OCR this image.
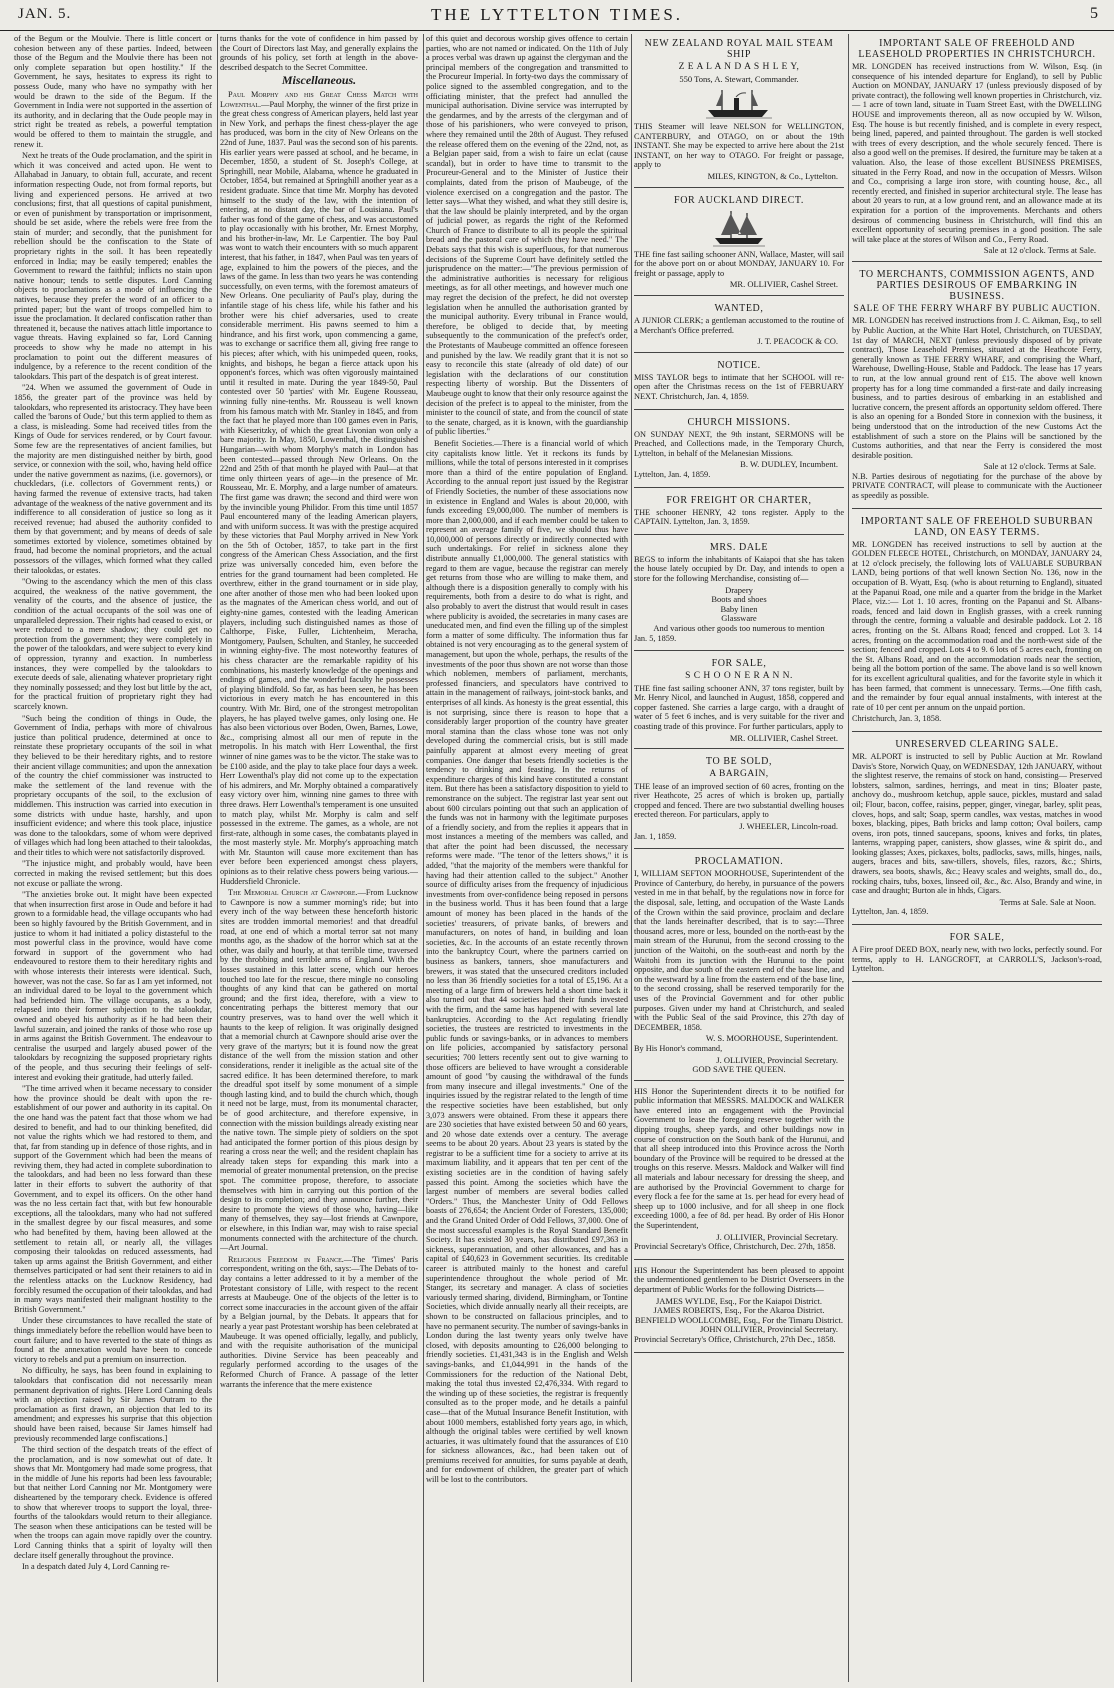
JAN. 5.	THE LYTTELTON TIMES.	5

of the Begum or the Moulvie. There is little concert or cohesion between any of these parties. Indeed, between those of the Begum and the Moulvie there has been not only complete separation but open hostility." If the Government, he says, hesitates to express its right to possess Oude, many who have no sympathy with her would be drawn to the side of the Begum. If the Government in India were not supported in the assertion of its authority, and in declaring that the Oude people may in strict right be treated as rebels, a powerful temptation would be offered to them to maintain the struggle, and renew it.

Next he treats of the Oude proclamation, and the spirit in which it was conceived and acted upon. He went to Allahabad in January, to obtain full, accurate, and recent information respecting Oude, not from formal reports, but living and experienced persons. He arrived at two conclusions; first, that all questions of capital punishment, or even of punishment by transportation or imprisonment, should be set aside, where the rebels were free from the stain of murder; and secondly, that the punishment for rebellion should be the confiscation to the State of proprietary rights in the soil. It has been repeatedly enforced in India; may be easily tempered; enables the Government to reward the faithful; inflicts no stain upon native honour; tends to settle disputes. Lord Canning objects to proclamations as a mode of influencing the natives, because they prefer the word of an officer to a printed paper; but the want of troops compelled him to issue the proclamation. It declared confiscation rather than threatened it, because the natives attach little importance to vague threats. Having explained so far, Lord Canning proceeds to show why he made no attempt in his proclamation to point out the different measures of indulgence, by a reference to the recent condition of the talookdars. This part of the despatch is of great interest.

"24. When we assumed the government of Oude in 1856, the greater part of the province was held by talookdars, who represented its aristocracy. They have been called the 'barons of Oude,' but this term applied to them as a class, is misleading. Some had received titles from the Kings of Oude for services rendered, or by Court favour. Some few are the representatives of ancient families, but the majority are men distinguished neither by birth, good service, or connexion with the soil, who, having held office under the native government as nazims, (i.e. governors), or chuckledars, (i.e. collectors of Government rents,) or having farmed the revenue of extensive tracts, had taken advantage of the weakness of the native government and its indifference to all consideration of justice so long as it received revenue; had abused the authority confided to them by that government; and by means of deeds of sale sometimes extorted by violence, sometimes obtained by fraud, had become the nominal proprietors, and the actual possessors of the villages, which formed what they called their talookdas, or estates.

"Owing to the ascendancy which the men of this class acquired, the weakness of the native government, the venality of the courts, and the absence of justice, the condition of the actual occupants of the soil was one of unparalleled depression. Their rights had ceased to exist, or were reduced to a mere shadow; they could get no protection from the government; they were completely in the power of the talookdars, and were subject to every kind of oppression, tyranny and exaction. In numberless instances, they were compelled by the talookdars to execute deeds of sale, alienating whatever proprietary right they nominally possessed; and they lost but little by the act, for the practical fruition of proprietary right they had scarcely known.

"Such being the condition of things in Oude, the Government of India, perhaps with more of chivalrous justice than political prudence, determined at once to reinstate these proprietary occupants of the soil in what they believed to be their hereditary rights, and to restore their ancient village communities; and upon the annexation of the country the chief commissioner was instructed to make the settlement of the land revenue with the proprietary occupants of the soil, to the exclusion of middlemen. This instruction was carried into execution in some districts with undue haste, harshly, and upon insufficient evidence; and where this took place, injustice was done to the talookdars, some of whom were deprived of villages which had long been attached to their talookdas, and their titles to which were not satisfactorily disproved.

"The injustice might, and probably would, have been corrected in making the revised settlement; but this does not excuse or palliate the wrong.

"The anxieties broke out. It might have been expected that when insurrection first arose in Oude and before it had grown to a formidable head, the village occupants who had been so highly favoured by the British Government, and in justice to whom it had initiated a policy distasteful to the most powerful class in the province, would have come forward in support of the government who had endeavoured to restore them to their hereditary rights and with whose interests their interests were identical. Such, however, was not the case. So far as I am yet informed, not an individual dared to be loyal to the government which had befriended him. The village occupants, as a body, relapsed into their former subjection to the talookdar, owned and obeyed his authority as if he had been their lawful suzerain, and joined the ranks of those who rose up in arms against the British Government. The endeavour to centralise the usurped and largely abused power of the talookdars by recognizing the supposed proprietary rights of the people, and thus securing their feelings of self-interest and evoking their gratitude, had utterly failed.

"The time arrived when it became necessary to consider how the province should be dealt with upon the re-establishment of our power and authority in its capital. On the one hand was the patent fact that those whom we had desired to benefit, and had to our thinking benefited, did not value the rights which we had restored to them, and that, far from standing up in defence of those rights, and in support of the Government which had been the means of reviving them, they had acted in complete subordination to the talookdars, and had been no less forward than these latter in their efforts to subvert the authority of that Government, and to expel its officers. On the other hand was the no less certain fact that, with but few honourable exceptions, all the talookdars, many who had not suffered in the smallest degree by our fiscal measures, and some who had benefited by them, having been allowed at the settlement to retain all, or nearly all, the villages composing their talookdas on reduced assessments, had taken up arms against the British Government, and either themselves participated or had sent their retainers to aid in the relentless attacks on the Lucknow Residency, had forcibly resumed the occupation of their talookdas, and had in many ways manifested their malignant hostility to the British Government."

Under these circumstances to have recalled the state of things immediately before the rebellion would have been to court failure; and to have reverted to the state of things as found at the annexation would have been to concede victory to rebels and put a premium on insurrection.

No difficulty, he says, has been found in explaining to talookdars that confiscation did not necessarily mean permanent deprivation of rights. [Here Lord Canning deals with an objection raised by Sir James Outram to the proclamation as first drawn, an objection that led to its amendment; and expresses his surprise that this objection should have been raised, because Sir James himself had previously recommended large confiscations.]

The third section of the despatch treats of the effect of the proclamation, and is now somewhat out of date. It shows that Mr. Montgomery had made some progress, that in the middle of June his reports had been less favourable; but that neither Lord Canning nor Mr. Montgomery were disheartened by the temporary check. Evidence is offered to show that wherever troops to support the loyal, three-fourths of the talookdars would return to their allegiance. The season when these anticipations can be tested will be when the troops can again move rapidly over the country. Lord Canning thinks that a spirit of loyalty will then declare itself generally throughout the province.

In a despatch dated July 4, Lord Canning re-

turns thanks for the vote of confidence in him passed by the Court of Directors last May, and generally explains the grounds of his policy, set forth at length in the above-described despatch to the Secret Committee.

Miscellaneous.

Paul Morphy and his Great Chess Match with Lowenthal.—Paul Morphy, the winner of the first prize in the great chess congress of American players, held last year in New York, and perhaps the finest chess-player the age has produced, was born in the city of New Orleans on the 22nd of June, 1837. Paul was the second son of his parents. His earlier years were passed at school, and he became, in December, 1850, a student of St. Joseph's College, at Springhill, near Mobile, Alabama, whence he graduated in October, 1854, but remained at Springhill another year as a resident graduate. Since that time Mr. Morphy has devoted himself to the study of the law, with the intention of entering, at no distant day, the bar of Louisiana. Paul's father was fond of the game of chess, and was accustomed to play occasionally with his brother, Mr. Ernest Morphy, and his brother-in-law, Mr. Le Carpentier. The boy Paul was wont to watch their encounters with so much apparent interest, that his father, in 1847, when Paul was ten years of age, explained to him the powers of the pieces, and the laws of the game. In less than two years he was contending successfully, on even terms, with the foremost amateurs of New Orleans. One peculiarity of Paul's play, during the infantile stage of his chess life, while his father and his brother were his chief adversaries, used to create considerable merriment. His pawns seemed to him a hindrance, and his first work, upon commencing a game, was to exchange or sacrifice them all, giving free range to his pieces; after which, with his unimpeded queen, rooks, knights, and bishops, he began a fierce attack upon his opponent's forces, which was often vigorously maintained until it resulted in mate. During the year 1849-50, Paul contested over 50 'parties' with Mr. Eugene Rousseau, winning fully nine-tenths. Mr. Rousseau is well known from his famous match with Mr. Stanley in 1845, and from the fact that he played more than 100 games even in Paris, with Kieseritzky, of which the great Livonian won only a bare majority. In May, 1850, Lowenthal, the distinguished Hungarian—with whom Morphy's match in London has been contested—passed through New Orleans. On the 22nd and 25th of that month he played with Paul—at that time only thirteen years of age—in the presence of Mr. Rousseau, Mr. E. Morphy, and a large number of amateurs. The first game was drawn; the second and third were won by the invincible young Philidor. From this time until 1857 Paul encountered many of the leading American players, and with uniform success. It was with the prestige acquired by these victories that Paul Morphy arrived in New York on the 5th of October, 1857, to take part in the first congress of the American Chess Association, and the first prize was universally conceded him, even before the entries for the grand tournament had been completed. He overthrew, either in the grand tournament or in side play, one after another of those men who had been looked upon as the magnates of the American chess world, and out of eighty-nine games, contested with the leading American players, including such distinguished names as those of Calthorpe, Fiske, Fuller, Lichtenheim, Meracha, Montgomery, Paulsen, Schulten, and Stanley, he succeeded in winning eighty-five. The most noteworthy features of his chess character are the remarkable rapidity of his combinations, his masterly knowledge of the openings and endings of games, and the wonderful faculty he possesses of playing blindfold. So far, as has been seen, he has been victorious in every match he has encountered in this country. With Mr. Bird, one of the strongest metropolitan players, he has played twelve games, only losing one. He has also been victorious over Boden, Owen, Barnes, Lowe, &c., comprising almost all our men of repute in the metropolis. In his match with Herr Lowenthal, the first winner of nine games was to be the victor. The stake was to be £100 aside, and the play to take place four days a week. Herr Lowenthal's play did not come up to the expectation of his admirers, and Mr. Morphy obtained a comparatively easy victory over him, winning nine games to three with three draws. Herr Lowenthal's temperament is one unsuited to match play, whilst Mr. Morphy is calm and self possessed in the extreme. The games, as a whole, are not first-rate, although in some cases, the combatants played in the most masterly style. Mr. Morphy's approaching match with Mr. Staunton will cause more excitement than has ever before been experienced amongst chess players, opinions as to their relative chess powers being various.—Huddersfield Chronicle.

The Memorial Church at Cawnpore.—From Lucknow to Cawnpore is now a summer morning's ride; but into every inch of the way between these henceforth historic sites are trodden immortal memories! and that dreadful road, at one end of which a mortal terror sat not many months ago, as the shadow of the horror which sat at the other, was daily and hourly, at that terrible time, traversed by the throbbing and terrible arms of England. With the losses sustained in this latter scene, which our heroes touched too late for the rescue, there mingle no consoling thoughts of any kind that can be gathered on mortal ground; and the first idea, therefore, with a view to concentrating perhaps the bitterest memory that our country preserves, was to hand over the well which it haunts to the keep of religion. It was originally designed that a memorial church at Cawnpore should arise over the very grave of the martyrs; but it is found now the great distance of the well from the mission station and other considerations, render it ineligible as the actual site of the sacred edifice. It has been determined therefore, to mark the dreadful spot itself by some monument of a simple though lasting kind, and to build the church which, though it need not be large, must, from its monumental character, be of good architecture, and therefore expensive, in connection with the mission buildings already existing near the native town. The simple piety of soldiers on the spot had anticipated the former portion of this pious design by rearing a cross near the well; and the resident chaplain has already taken steps for expanding this mark into a memorial of greater monumental pretension, on the precise spot. The committee propose, therefore, to associate themselves with him in carrying out this portion of the design to its completion; and they announce further, their desire to promote the views of those who, having—like many of themselves, they say—lost friends at Cawnpore, or elsewhere, in this Indian war, may wish to raise special monuments connected with the architecture of the church.—Art Journal.

Religious Freedom in France.—The 'Times' Paris correspondent, writing on the 6th, says:—The Debats of to-day contains a letter addressed to it by a member of the Protestant consistory of Lille, with respect to the recent arrests at Maubeuge. One of the objects of the letter is to correct some inaccuracies in the account given of the affair by a Belgian journal, by the Debats. It appears that for nearly a year past Protestant worship has been celebrated at Maubeuge. It was opened officially, legally, and publicly, and with the requisite authorisation of the municipal authorities. Divine Service has been peaceably and regularly performed according to the usages of the Reformed Church of France. A passage of the letter warrants the inference that the mere existence

of this quiet and decorous worship gives offence to certain parties, who are not named or indicated. On the 11th of July a proces verbal was drawn up against the clergyman and the principal members of the congregation and transmitted to the Procureur Imperial. In forty-two days the commissary of police signed to the assembled congregation, and to the officiating minister, that the prefect had annulled the municipal authorisation. Divine service was interrupted by the gendarmes, and by the arrests of the clergyman and of those of his parishioners, who were conveyed to prison, where they remained until the 28th of August. They refused the release offered them on the evening of the 22nd, not, as a Belgian paper said, from a wish to faire un eclat (cause scandal), but in order to have time to transmit to the Procureur-General and to the Minister of Justice their complaints, dated from the prison of Maubeuge, of the violence exercised on a congregation and the pastor. The letter says—What they wished, and what they still desire is, that the law should be plainly interpreted, and by the organ of judicial power, as regards the right of the Reformed Church of France to distribute to all its people the spiritual bread and the pastoral care of which they have need." The Debats says that this wish is superfluous, for that numerous decisions of the Supreme Court have definitely settled the jurisprudence on the matter:—"The previous permission of the administrative authorities is necessary for religious meetings, as for all other meetings, and however much one may regret the decision of the prefect, he did not overstep legislation when he annulled the authorisation granted by the municipal authority. Every tribunal in France would, therefore, be obliged to decide that, by meeting subsequently to the communication of the prefect's order, the Protestants of Maubeuge committed an offence foreseen and punished by the law. We readily grant that it is not so easy to reconcile this state (already of old date) of our legislation with the declarations of our constitution respecting liberty of worship. But the Dissenters of Maubeuge ought to know that their only resource against the decision of the prefect is to appeal to the minister, from the minister to the council of state, and from the council of state to the senate, charged, as it is known, with the guardianship of public liberties."

Benefit Societies.—There is a financial world of which city capitalists know little. Yet it reckons its funds by millions, while the total of persons interested in it comprises more than a third of the entire population of England. According to the annual report just issued by the Registrar of Friendly Societies, the number of these associations now in existence in England and Wales is about 20,000, with funds exceeding £9,000,000. The number of members is more than 2,000,000, and if each member could be taken to represent an average family of five, we should thus have 10,000,000 of persons directly or indirectly connected with such undertakings. For relief in sickness alone they distribute annually £1,000,000. The general statistics with regard to them are vague, because the registrar can merely get returns from those who are willing to make them, and although there is a disposition generally to comply with his requirements, both from a desire to do what is right, and also probably to avert the distrust that would result in cases where publicity is avoided, the secretaries in many cases are uneducated men, and find even the filling up of the simplest form a matter of some difficulty. The information thus far obtained is not very encouraging as to the general system of management, but upon the whole, perhaps, the results of the investments of the poor thus shown are not worse than those which noblemen, members of parliament, merchants, professed financiers, and speculators have contrived to attain in the management of railways, joint-stock banks, and enterprises of all kinds. As honesty is the great essential, this is not surprising, since there is reason to hope that a considerably larger proportion of the country have greater moral stamina than the class whose tone was not only developed during the commercial crisis, but is still made painfully apparent at almost every meeting of great companies. One danger that besets friendly societies is the tendency to drinking and feasting. In the returns of expenditure charges of this kind have constituted a constant item. But there has been a satisfactory disposition to yield to remonstrance on the subject. The registrar last year sent out about 600 circulars pointing out that such an application of the funds was not in harmony with the legitimate purposes of a friendly society, and from the replies it appears that in most instances a meeting of the members was called, and that after the point had been discussed, the necessary reforms were made. "The tenor of the letters shows," it is added, "that the majority of the members were thankful for having had their attention called to the subject." Another source of difficulty arises from the frequency of injudicious investments from over-confidence being reposed in persons in the business world. Thus it has been found that a large amount of money has been placed in the hands of the societies' treasurers, of private banks, of brewers and manufacturers, on notes of hand, in building and loan societies, &c. In the accounts of an estate recently thrown into the bankruptcy Court, where the partners carried on business as bankers, tanners, shoe manufacturers and brewers, it was stated that the unsecured creditors included no less than 36 friendly societies for a total of £5,196. At a meeting of a large firm of brewers held a short time back it also turned out that 44 societies had their funds invested with the firm, and the same has happened with several late bankruptcies. According to the Act regulating friendly societies, the trustees are restricted to investments in the public funds or savings-banks, or in advances to members on life policies, accompanied by satisfactory personal securities; 700 letters recently sent out to give warning to those officers are believed to have wrought a considerable amount of good "by causing the withdrawal of the funds from many insecure and illegal investments." One of the inquiries issued by the registrar related to the length of time the respective societies have been established, but only 3,073 answers were obtained. From these it appears there are 230 societies that have existed between 50 and 60 years, and 20 whose date extends over a century. The average seems to be about 20 years. About 23 years is stated by the registrar to be a sufficient time for a society to arrive at its maximum liability, and it appears that ten per cent of the existing societies are in the condition of having safely passed this point. Among the societies which have the largest number of members are several bodies called "Orders." Thus, the Manchester Unity of Odd Fellows boasts of 276,654; the Ancient Order of Foresters, 135,000; and the Grand United Order of Odd Fellows, 37,000. One of the most successful examples is the Royal Standard Benefit Society. It has existed 30 years, has distributed £97,363 in sickness, superannuation, and other allowances, and has a capital of £40,623 in Government securities. Its creditable career is attributed mainly to the honest and careful superintendence throughout the whole period of Mr. Stanger, its secretary and manager. A class of societies variously termed sharing, dividend, Birmingham, or Tontine Societies, which divide annually nearly all their receipts, are shown to be constructed on fallacious principles, and to have no permanent security. The number of savings-banks in London during the last twenty years only twelve have closed, with deposits amounting to £26,000 belonging to friendly societies. £1,431,343 is in the English and Welsh savings-banks, and £1,044,991 in the hands of the Commissioners for the reduction of the National Debt, making the total thus invested £2,476,334. With regard to the winding up of these societies, the registrar is frequently consulted as to the proper mode, and he details a painful case—that of the Mutual Insurance Benefit Institution, with about 1000 members, established forty years ago, in which, although the original tables were certified by well known actuaries, it was ultimately found that the assurances of £10 for sickness allowances, &c., had been taken out of premiums received for annuities, for sums payable at death, and for endowment of children, the greater part of which will be lost to the contributors.

NEW ZEALAND ROYAL MAIL STEAM SHIP
Z E A L A N D A S H L E Y,
550 Tons, A. Stewart, Commander.

THIS Steamer will leave NELSON for WELLINGTON, CANTERBURY, and OTAGO, on or about the 19th INSTANT. She may be expected to arrive here about the 21st INSTANT, on her way to OTAGO. For freight or passage, apply to

MILES, KINGTON, & Co., Lyttelton.
FOR AUCKLAND DIRECT.

THE fine fast sailing schooner ANN, Wallace, Master, will sail for the above port on or about MONDAY, JANUARY 10. For freight or passage, apply to

MR. OLLIVIER, Cashel Street.
WANTED,

A JUNIOR CLERK; a gentleman accustomed to the routine of a Merchant's Office preferred.

J. T. PEACOCK & CO.
NOTICE.

MISS TAYLOR begs to intimate that her SCHOOL will re-open after the Christmas recess on the 1st of FEBRUARY NEXT. Christchurch, Jan. 4, 1859.

CHURCH MISSIONS.

ON SUNDAY NEXT, the 9th instant, SERMONS will be Preached, and Collections made, in the Temporary Church, Lyttelton, in behalf of the Melanesian Missions.

B. W. DUDLEY, Incumbent.

Lyttelton, Jan. 4, 1859.

FOR FREIGHT OR CHARTER,

THE schooner HENRY, 42 tons register. Apply to the CAPTAIN. Lyttelton, Jan. 3, 1859.

MRS. DALE

BEGS to inform the inhabitants of Kaiapoi that she has taken the house lately occupied by Dr. Day, and intends to open a store for the following Merchandise, consisting of—

Drapery
Boots and shoes
Baby linen
Glassware
And various other goods too numerous to mention

Jan. 5, 1859.

FOR SALE,
S C H O O N E R A N N.

THE fine fast sailing schooner ANN, 37 tons register, built by Mr. Henry Nicol, and launched in August, 1858, coppered and copper fastened. She carries a large cargo, with a draught of water of 5 feet 6 inches, and is very suitable for the river and coasting trade of this province. For further particulars, apply to

MR. OLLIVIER, Cashel Street.
TO BE SOLD,
A BARGAIN,

THE lease of an improved section of 60 acres, fronting on the river Heathcote, 25 acres of which is broken up, partially cropped and fenced. There are two substantial dwelling houses erected thereon. For particulars, apply to

J. WHEELER, Lincoln-road.

Jan. 1, 1859.

PROCLAMATION.

I, WILLIAM SEFTON MOORHOUSE, Superintendent of the Province of Canterbury, do hereby, in pursuance of the powers vested in me in that behalf, by the regulations now in force for the disposal, sale, letting, and occupation of the Waste Lands of the Crown within the said province, proclaim and declare that the lands hereinafter described, that is to say:—Three thousand acres, more or less, bounded on the north-east by the main stream of the Hurunui, from the second crossing to the junction of the Waitohi, on the south-east and north by the Waitohi from its junction with the Hurunui to the point opposite, and due south of the eastern end of the base line, and on the westward by a line from the eastern end of the base line, to the second crossing, shall be reserved temporarily for the uses of the Provincial Government and for other public purposes. Given under my hand at Christchurch, and sealed with the Public Seal of the said Province, this 27th day of DECEMBER, 1858.

W. S. MOORHOUSE, Superintendent.

By His Honor's command,

J. OLLIVIER, Provincial Secretary.
GOD SAVE THE QUEEN.

HIS Honor the Superintendent directs it to be notified for public information that MESSRS. MALDOCK and WALKER have entered into an engagement with the Provincial Government to lease the foregoing reserve together with the dipping troughs, sheep yards, and other buildings now in course of construction on the South bank of the Hurunui, and that all sheep introduced into this Province across the North boundary of the Province will be required to be dressed at the troughs on this reserve. Messrs. Maldock and Walker will find all materials and labour necessary for dressing the sheep, and are authorised by the Provincial Government to charge for every flock a fee for the same at 1s. per head for every head of sheep up to 1000 inclusive, and for all sheep in one flock exceeding 1000, a fee of 8d. per head. By order of His Honor the Superintendent,

J. OLLIVIER, Provincial Secretary.

Provincial Secretary's Office, Christchurch, Dec. 27th, 1858.

HIS Honour the Superintendent has been pleased to appoint the undermentioned gentlemen to be District Overseers in the department of Public Works for the following Districts—

JAMES WYLDE, Esq., For the Kaiapoi District.
JAMES ROBERTS, Esq., For the Akaroa District.
BENFIELD WOOLLCOMBE, Esq., For the Timaru District.
JOHN OLLIVIER, Provincial Secretary.

Provincial Secretary's Office, Christchurch, 27th Dec., 1858.

IMPORTANT SALE OF FREEHOLD AND LEASEHOLD PROPERTIES IN CHRISTCHURCH.

MR. LONGDEN has received instructions from W. Wilson, Esq. (in consequence of his intended departure for England), to sell by Public Auction on MONDAY, JANUARY 17 (unless previously disposed of by private contract), the following well known properties in Christchurch, viz.— 1 acre of town land, situate in Tuam Street East, with the DWELLING HOUSE and improvements thereon, all as now occupied by W. Wilson, Esq. The house is but recently finished, and is complete in every respect, being lined, papered, and painted throughout. The garden is well stocked with trees of every description, and the whole securely fenced. There is also a good well on the premises. If desired, the furniture may be taken at a valuation. Also, the lease of those excellent BUSINESS PREMISES, situated in the Ferry Road, and now in the occupation of Messrs. Wilson and Co., comprising a large iron store, with counting house, &c., all recently erected, and finished in superior architectural style. The lease has about 20 years to run, at a low ground rent, and an allowance made at its expiration for a portion of the improvements. Merchants and others desirous of commencing business in Christchurch, will find this an excellent opportunity of securing premises in a good position. The sale will take place at the stores of Wilson and Co., Ferry Road.

Sale at 12 o'clock. Terms at Sale.
TO MERCHANTS, COMMISSION AGENTS, AND PARTIES DESIROUS OF EMBARKING IN BUSINESS.
SALE OF THE FERRY WHARF BY PUBLIC AUCTION.

MR. LONGDEN has received instructions from J. C. Aikman, Esq., to sell by Public Auction, at the White Hart Hotel, Christchurch, on TUESDAY, 1st day of MARCH, NEXT (unless previously disposed of by private contract), Those Leasehold Premises, situated at the Heathcote Ferry, generally known as THE FERRY WHARF, and comprising the Wharf, Warehouse, Dwelling-House, Stable and Paddock. The lease has 17 years to run, at the low annual ground rent of £15. The above well known property has for a long time commanded a first-rate and daily increasing business, and to parties desirous of embarking in an established and lucrative concern, the present affords an opportunity seldom offered. There is also an opening for a Bonded Store in connexion with the business, it being understood that on the introduction of the new Customs Act the establishment of such a store on the Plains will be sanctioned by the Customs authorities, and that near the Ferry is considered the most desirable position.

Sale at 12 o'clock. Terms at Sale.

N.B. Parties desirous of negotiating for the purchase of the above by PRIVATE CONTRACT, will please to communicate with the Auctioneer as speedily as possible.

IMPORTANT SALE OF FREEHOLD SUBURBAN LAND, ON EASY TERMS.

MR. LONGDEN has received instructions to sell by auction at the GOLDEN FLEECE HOTEL, Christchurch, on MONDAY, JANUARY 24, at 12 o'clock precisely, the following lots of VALUABLE SUBURBAN LAND, being portions of that well known Section No. 136, now in the occupation of B. Wyatt, Esq. (who is about returning to England), situated at the Papanui Road, one mile and a quarter from the bridge in the Market Place, viz.:— Lot 1. 10 acres, fronting on the Papanui and St. Albans-roads, fenced and laid down in English grasses, with a creek running through the centre, forming a valuable and desirable paddock. Lot 2. 18 acres, fronting on the St. Albans Road; fenced and cropped. Lot 3. 14 acres, fronting on the accommodation road and the north-west side of the section; fenced and cropped. Lots 4 to 9. 6 lots of 5 acres each, fronting on the St. Albans Road, and on the accommodation roads near the section, being all the bottom portion of the same. The above land is so well known for its excellent agricultural qualities, and for the favorite style in which it has been farmed, that comment is unnecessary. Terms.—One fifth cash, and the remainder by four equal annual instalments, with interest at the rate of 10 per cent per annum on the unpaid portion.

Christchurch, Jan. 3, 1858.

UNRESERVED CLEARING SALE.

MR. ALPORT is instructed to sell by Public Auction at Mr. Rowland Davis's Store, Norwich Quay, on WEDNESDAY, 12th JANUARY, without the slightest reserve, the remains of stock on hand, consisting— Preserved lobsters, salmon, sardines, herrings, and meat in tins; Bloater paste, anchovy do., mushroom ketchup, apple sauce, pickles, mustard and salad oil; Flour, bacon, coffee, raisins, pepper, ginger, vinegar, barley, split peas, cloves, hops, and salt; Soap, sperm candles, wax vestas, matches in wood boxes, blacking, pipes, Bath bricks and lamp cotton; Oval boilers, camp ovens, iron pots, tinned saucepans, spoons, knives and forks, tin plates, lanterns, wrapping paper, canisters, show glasses, wine & spirit do., and looking glasses; Axes, pickaxes, bolts, padlocks, saws, mills, hinges, nails, augers, braces and bits, saw-tillers, shovels, files, razors, &c.; Shirts, drawers, sea boots, shawls, &c.; Heavy scales and weights, small do., do., rocking chairs, tubs, boxes, linseed oil, &c., &c. Also, Brandy and wine, in case and draught; Burton ale in hhds, Cigars.

Terms at Sale. Sale at Noon.

Lyttelton, Jan. 4, 1859.

FOR SALE,

A Fire proof DEED BOX, nearly new, with two locks, perfectly sound. For terms, apply to H. LANGCROFT, at CARROLL'S, Jackson's-road, Lyttelton.
